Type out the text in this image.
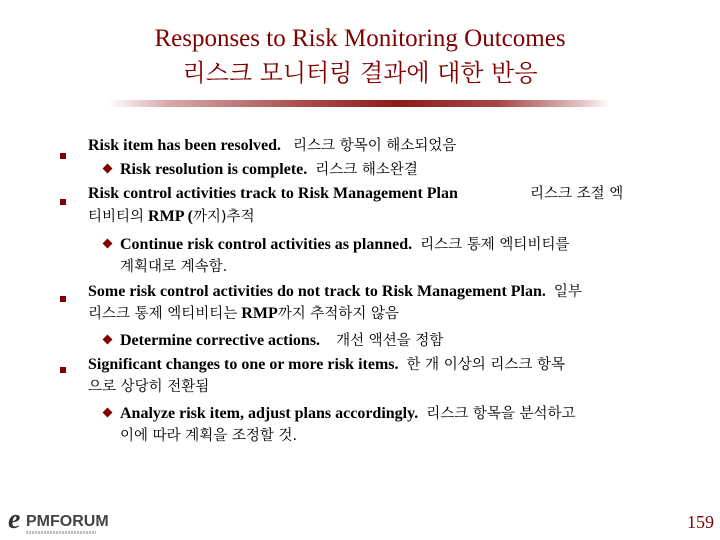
Responses to Risk Monitoring Outcomes
리스크 모니터링 결과에 대한 반응
Risk item has been resolved. 리스크 항목이 해소되었음
Risk resolution is complete. 리스크 해소완결
Risk control activities track to Risk Management Plan	리스크 조절 엑
티비티의 RMP (까지)추적
Continue risk control activities as planned. 리스크 통제 엑티비티를
계획대로 계속함.
Some risk control activities do not track to Risk Management Plan. 일부
리스크 통제 엑티비티는 RMP까지 추적하지 않음
Determine corrective actions. 개선 액션을 정함
Significant changes to one or more risk items. 한 개 이상의 리스크 항목
으로 상당히 전환됨
Analyze risk item, adjust plans accordingly. 리스크 항목을 분석하고
이에 따라 계획을 조정할 것.
e PMFORUM	159
